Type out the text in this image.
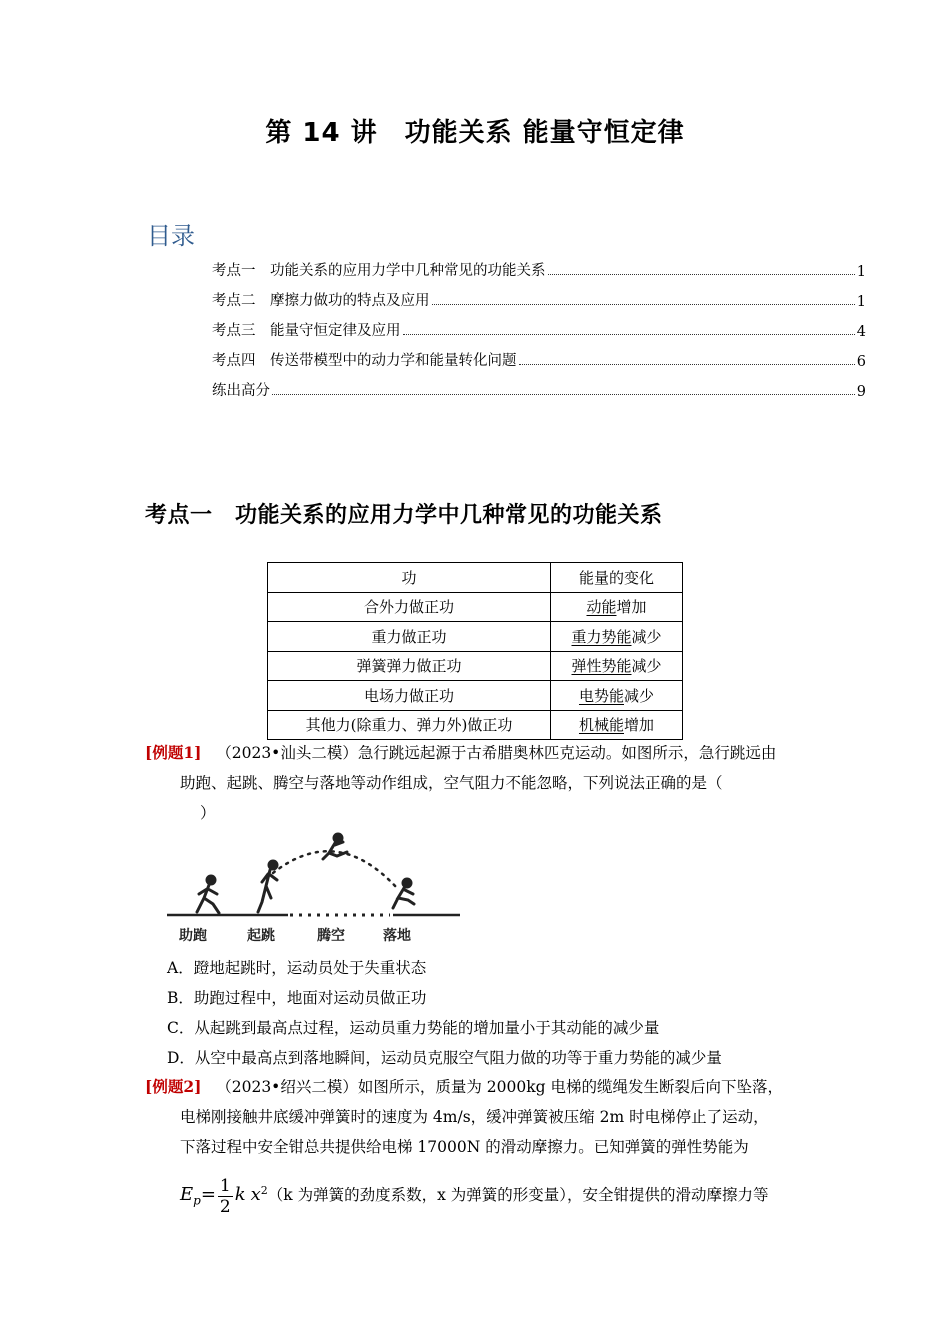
第 14 讲　功能关系 能量守恒定律
目录
考点一　功能关系的应用力学中几种常见的功能关系	1
考点二　摩擦力做功的特点及应用	1
考点三　能量守恒定律及应用	4
考点四　传送带模型中的动力学和能量转化问题	6
练出高分	9
考点一　功能关系的应用力学中几种常见的功能关系
功	能量的变化
合外力做正功	动能增加
重力做正功	重力势能减少
弹簧弹力做正功	弹性势能减少
电场力做正功	电势能减少
其他力(除重力、弹力外)做正功	机械能增加
[例题1] （2023•汕头二模）急行跳远起源于古希腊奥林匹克运动。如图所示，急行跳远由
助跑、起跳、腾空与落地等动作组成，空气阻力不能忽略，下列说法正确的是（
）
助跑	起跳	腾空	落地
A．蹬地起跳时，运动员处于失重状态
B．助跑过程中，地面对运动员做正功
C．从起跳到最高点过程，运动员重力势能的增加量小于其动能的减少量
D．从空中最高点到落地瞬间，运动员克服空气阻力做的功等于重力势能的减少量
[例题2] （2023•绍兴二模）如图所示，质量为 2000kg 电梯的缆绳发生断裂后向下坠落，
电梯刚接触井底缓冲弹簧时的速度为 4m/s，缓冲弹簧被压缩 2m 时电梯停止了运动，
下落过程中安全钳总共提供给电梯 17000N 的滑动摩擦力。已知弹簧的弹性势能为
$E_p= \frac{1}{2}$ k $x^2(k$ 为弹簧的劲度系数，x 为弹簧的形变量），安全钳提供的滑动摩擦力等
